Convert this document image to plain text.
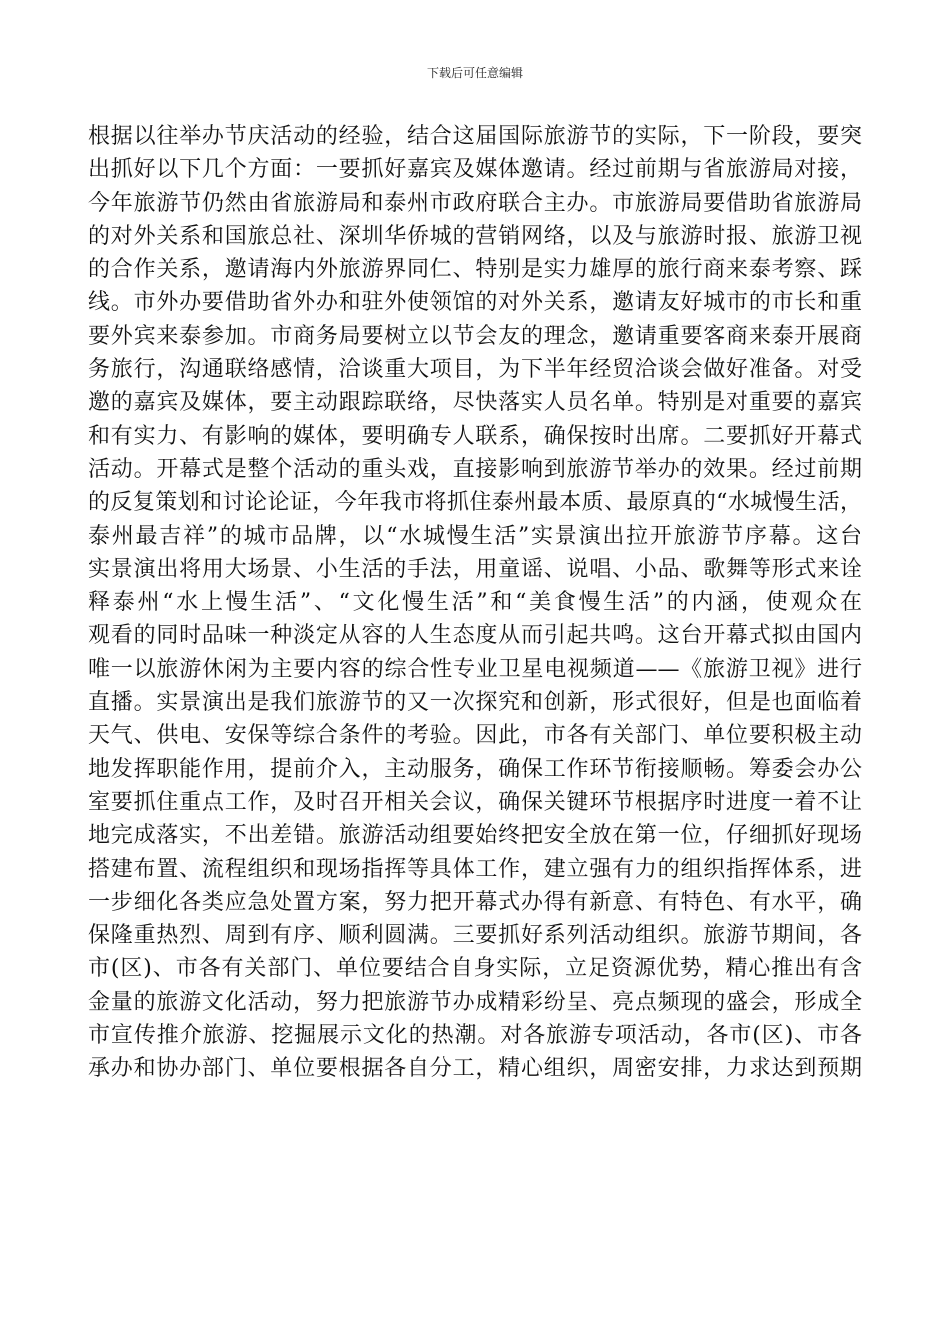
下载后可任意编辑
根据以往举办节庆活动的经验，结合这届国际旅游节的实际，下一阶段，要突
出抓好以下几个方面：一要抓好嘉宾及媒体邀请。经过前期与省旅游局对接，
今年旅游节仍然由省旅游局和泰州市政府联合主办。市旅游局要借助省旅游局
的对外关系和国旅总社、深圳华侨城的营销网络，以及与旅游时报、旅游卫视
的合作关系，邀请海内外旅游界同仁、特别是实力雄厚的旅行商来泰考察、踩
线。市外办要借助省外办和驻外使领馆的对外关系，邀请友好城市的市长和重
要外宾来泰参加。市商务局要树立以节会友的理念，邀请重要客商来泰开展商
务旅行，沟通联络感情，洽谈重大项目，为下半年经贸洽谈会做好准备。对受
邀的嘉宾及媒体，要主动跟踪联络，尽快落实人员名单。特别是对重要的嘉宾
和有实力、有影响的媒体，要明确专人联系，确保按时出席。二要抓好开幕式
活动。开幕式是整个活动的重头戏，直接影响到旅游节举办的效果。经过前期
的反复策划和讨论论证，今年我市将抓住泰州最本质、最原真的“水城慢生活，
泰州最吉祥”的城市品牌，以“水城慢生活”实景演出拉开旅游节序幕。这台
实景演出将用大场景、小生活的手法，用童谣、说唱、小品、歌舞等形式来诠
释泰州“水上慢生活”、“文化慢生活”和“美食慢生活”的内涵，使观众在
观看的同时品味一种淡定从容的人生态度从而引起共鸣。这台开幕式拟由国内
唯一以旅游休闲为主要内容的综合性专业卫星电视频道——《旅游卫视》进行
直播。实景演出是我们旅游节的又一次探究和创新，形式很好，但是也面临着
天气、供电、安保等综合条件的考验。因此，市各有关部门、单位要积极主动
地发挥职能作用，提前介入，主动服务，确保工作环节衔接顺畅。筹委会办公
室要抓住重点工作，及时召开相关会议，确保关键环节根据序时进度一着不让
地完成落实，不出差错。旅游活动组要始终把安全放在第一位，仔细抓好现场
搭建布置、流程组织和现场指挥等具体工作，建立强有力的组织指挥体系，进
一步细化各类应急处置方案，努力把开幕式办得有新意、有特色、有水平，确
保隆重热烈、周到有序、顺利圆满。三要抓好系列活动组织。旅游节期间，各
市(区)、市各有关部门、单位要结合自身实际，立足资源优势，精心推出有含
金量的旅游文化活动，努力把旅游节办成精彩纷呈、亮点频现的盛会，形成全
市宣传推介旅游、挖掘展示文化的热潮。对各旅游专项活动，各市(区)、市各
承办和协办部门、单位要根据各自分工，精心组织，周密安排，力求达到预期
